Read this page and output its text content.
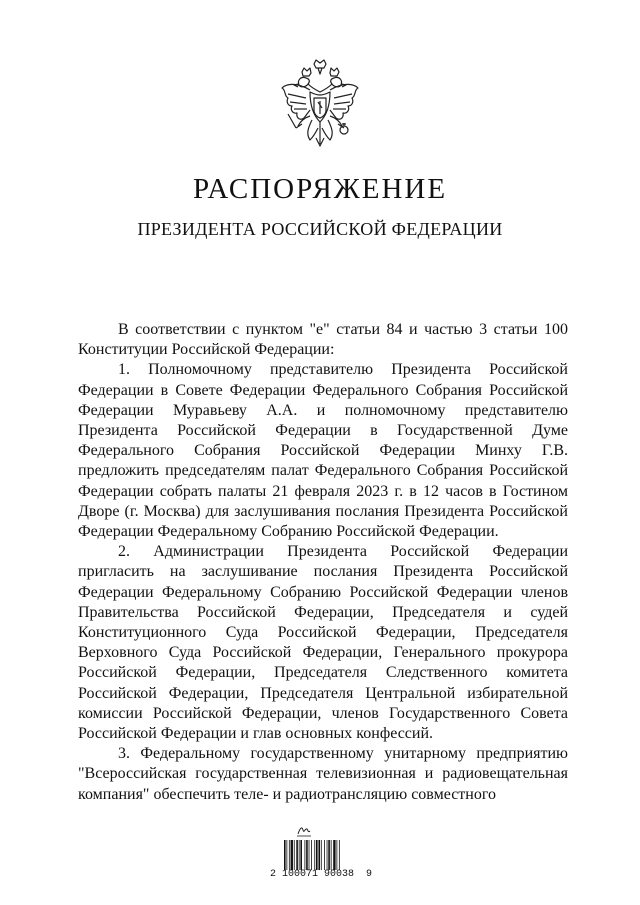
РАСПОРЯЖЕНИЕ
ПРЕЗИДЕНТА РОССИЙСКОЙ ФЕДЕРАЦИИ

В соответствии с пунктом "е" статьи 84 и частью 3 статьи 100 Конституции Российской Федерации:

1. Полномочному представителю Президента Российской Федерации в Совете Федерации Федерального Собрания Российской Федерации Муравьеву А.А. и полномочному представителю Президента Российской Федерации в Государственной Думе Федерального Собрания Российской Федерации Минху Г.В. предложить председателям палат Федерального Собрания Российской Федерации собрать палаты 21 февраля 2023 г. в 12 часов в Гостином Дворе (г. Москва) для заслушивания послания Президента Российской Федерации Федеральному Собранию Российской Федерации.

2. Администрации Президента Российской Федерации пригласить на заслушивание послания Президента Российской Федерации Федеральному Собранию Российской Федерации членов Правительства Российской Федерации, Председателя и судей Конституционного Суда Российской Федерации, Председателя Верховного Суда Российской Федерации, Генерального прокурора Российской Федерации, Председателя Следственного комитета Российской Федерации, Председателя Центральной избирательной комиссии Российской Федерации, членов Государственного Совета Российской Федерации и глав основных конфессий.

3. Федеральному государственному унитарному предприятию "Всероссийская государственная телевизионная и радиовещательная компания" обеспечить теле- и радиотрансляцию совместного

2 100071 90038  9
